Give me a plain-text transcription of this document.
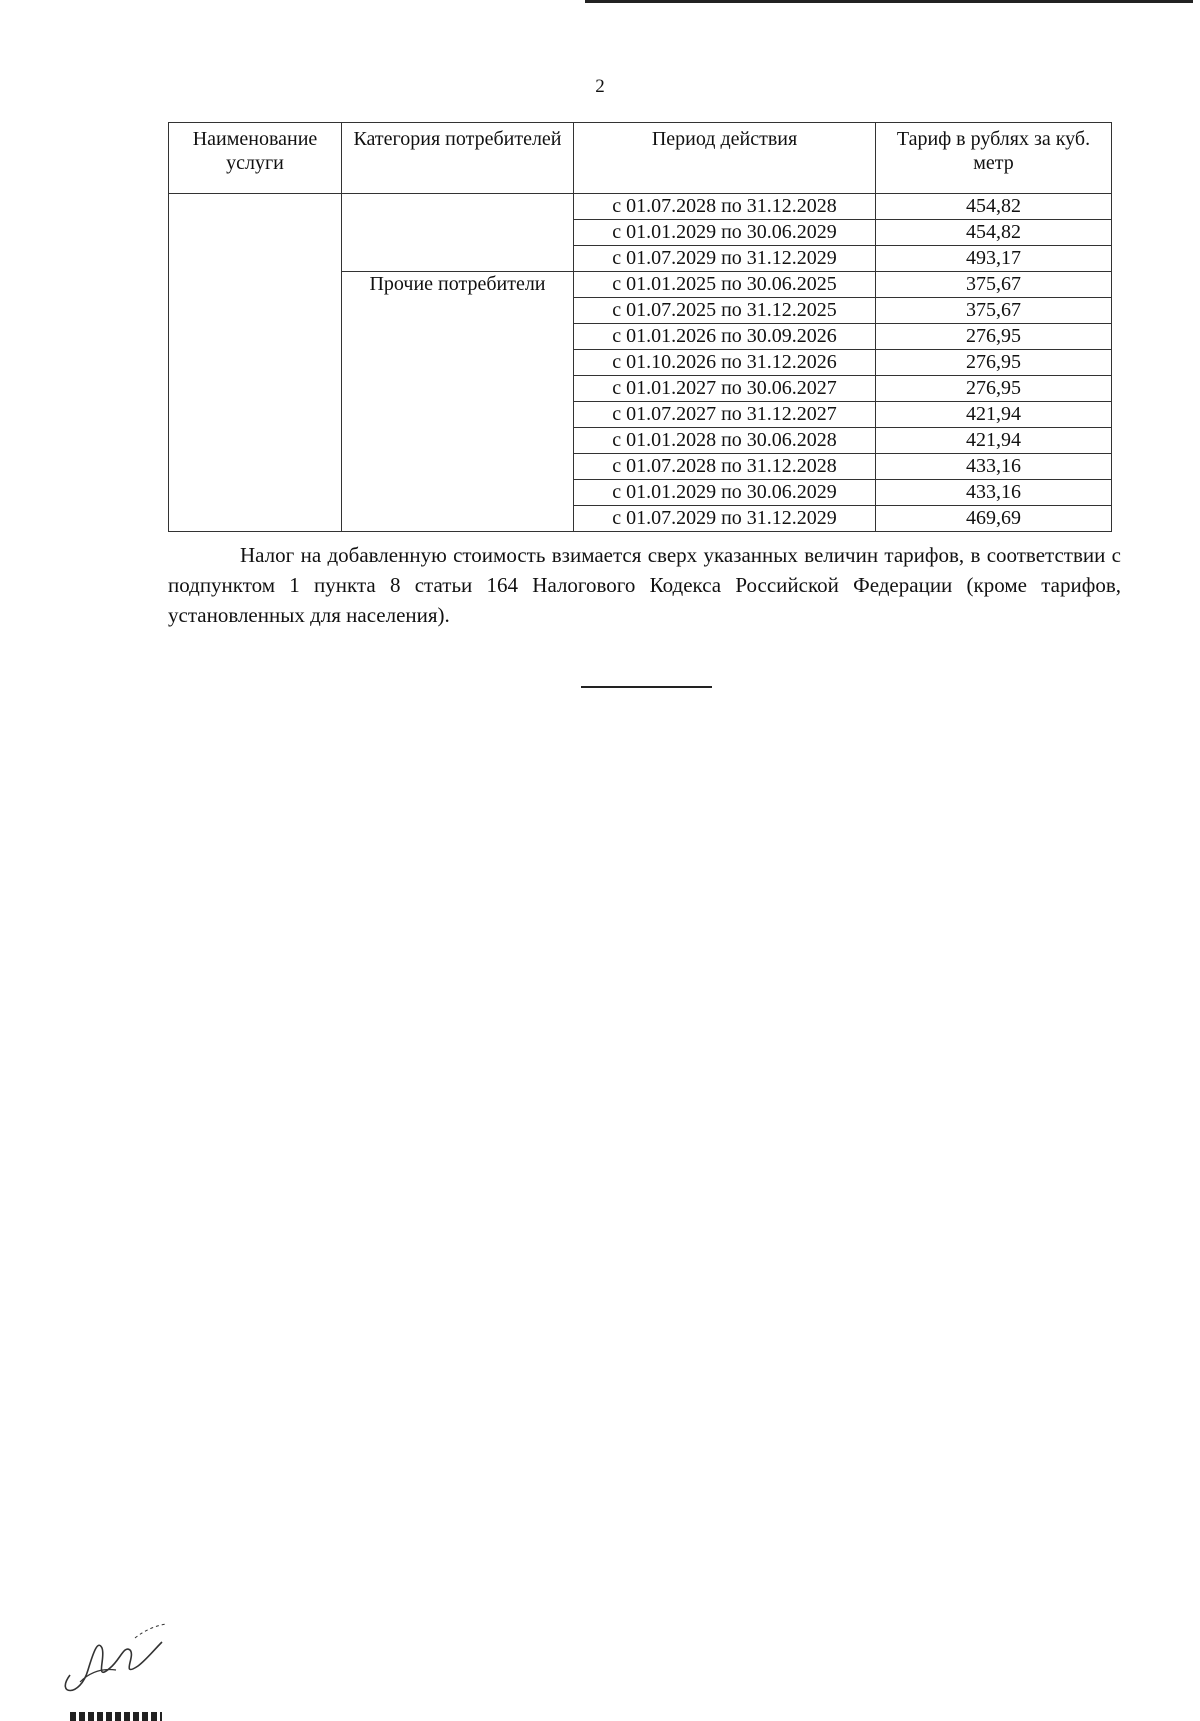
2
Наименование услуги	Категория потребителей	Период действия	Тариф в рублях за куб. метр
		с 01.07.2028 по 31.12.2028	454,82
		с 01.01.2029 по 30.06.2029	454,82
		с 01.07.2029 по 31.12.2029	493,17
	Прочие потребители	с 01.01.2025 по 30.06.2025	375,67
		с 01.07.2025 по 31.12.2025	375,67
		с 01.01.2026 по 30.09.2026	276,95
		с 01.10.2026 по 31.12.2026	276,95
		с 01.01.2027 по 30.06.2027	276,95
		с 01.07.2027 по 31.12.2027	421,94
		с 01.01.2028 по 30.06.2028	421,94
		с 01.07.2028 по 31.12.2028	433,16
		с 01.01.2029 по 30.06.2029	433,16
		с 01.07.2029 по 31.12.2029	469,69

Налог на добавленную стоимость взимается сверх указанных величин тарифов, в соответствии с подпунктом 1 пункта 8 статьи 164 Налогового Кодекса Российской Федерации (кроме тарифов, установленных для населения).
